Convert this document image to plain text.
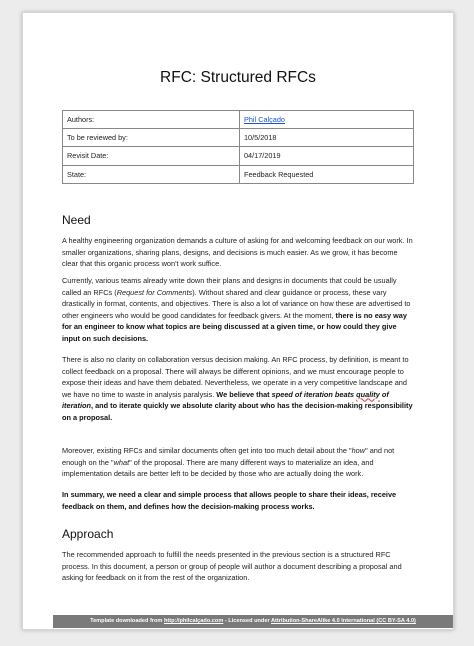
RFC: Structured RFCs
Authors:	Phil Calçado
To be reviewed by:	10/5/2018
Revisit Date:	04/17/2019
State:	Feedback Requested
Need
A healthy engineering organization demands a culture of asking for and welcoming feedback on our work. In smaller organizations, sharing plans, designs, and decisions is much easier. As we grow, it has become clear that this organic process won't work suffice.
Currently, various teams already write down their plans and designs in documents that could be usually called an RFCs (Request for Comments). Without shared and clear guidance or process, these vary drastically in format, contents, and objectives. There is also a lot of variance on how these are advertised to other engineers who would be good candidates for feedback givers. At the moment, there is no easy way for an engineer to know what topics are being discussed at a given time, or how could they give input on such decisions.
There is also no clarity on collaboration versus decision making. An RFC process, by definition, is meant to collect feedback on a proposal. There will always be different opinions, and we must encourage people to expose their ideas and have them debated. Nevertheless, we operate in a very competitive landscape and we have no time to waste in analysis paralysis. We believe that speed of iteration beats quality of iteration, and to iterate quickly we absolute clarity about who has the decision-making responsibility on a proposal.
Moreover, existing RFCs and similar documents often get into too much detail about the "how" and not enough on the "what" of the proposal. There are many different ways to materialize an idea, and implementation details are better left to be decided by those who are actually doing the work.
In summary, we need a clear and simple process that allows people to share their ideas, receive feedback on them, and defines how the decision-making process works.
Approach
The recommended approach to fulfill the needs presented in the previous section is a structured RFC process. In this document, a person or group of people will author a document describing a proposal and asking for feedback on it from the rest of the organization.
Template downloaded from http://philcalçado.com - Licensed under Attribution-ShareAlike 4.0 International (CC BY-SA 4.0)
